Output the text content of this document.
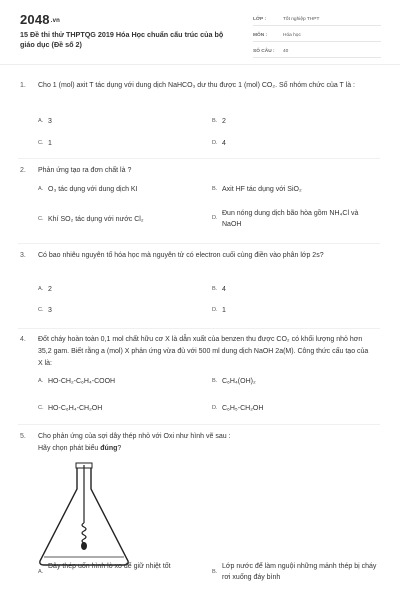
2048.vn
15 Đề thi thử THPTQG 2019 Hóa Học chuẩn cấu trúc của bộ giáo dục (Đề số 2)
LỚP :	Tốt nghiệp THPT
MÔN :	Hóa học
SỐ CÂU :	40
1.	Cho 1 (mol) axit T tác dụng với dung dịch NaHCO₃ dư thu được 1 (mol) CO₂. Số nhóm chức của T là :
A. 3	B. 2
C. 1	D. 4
2.	Phản ứng tạo ra đơn chất là ?
A. O₃ tác dụng với dung dịch KI	B. Axit HF tác dụng với SiO₂
C. Khí SO₂ tác dụng với nước Cl₂	D.
Đun nóng dung dịch bão hòa gồm NH₄Cl và NaOH
3.	Có bao nhiêu nguyên tố hóa học mà nguyên tử có electron cuối cùng điền vào phân lớp 2s?
A. 2	B. 4
C. 3	D. 1
4.	Đốt cháy hoàn toàn 0,1 mol chất hữu cơ X là dẫn xuất của benzen thu được CO₂ có khối lượng nhỏ hơn 35,2 gam. Biết rằng a (mol) X phản ứng vừa đủ với 500 ml dung dịch NaOH 2a(M). Công thức cấu tạo của X là:
A. HO-CH₂-C₆H₄-COOH	B. C₆H₄(OH)₂
C. HO-C₆H₄-CH₂OH	D. C₆H₅-CH₂OH
5.	Cho phản ứng của sợi dây thép nhỏ với Oxi như hình vẽ sau :
Hãy chọn phát biểu đúng?
A.
Dây thép uốn hình lò xo để giữ nhiệt tốt
B.
Lớp nước để làm nguội những mảnh thép bị cháy rơi xuống đáy bình
